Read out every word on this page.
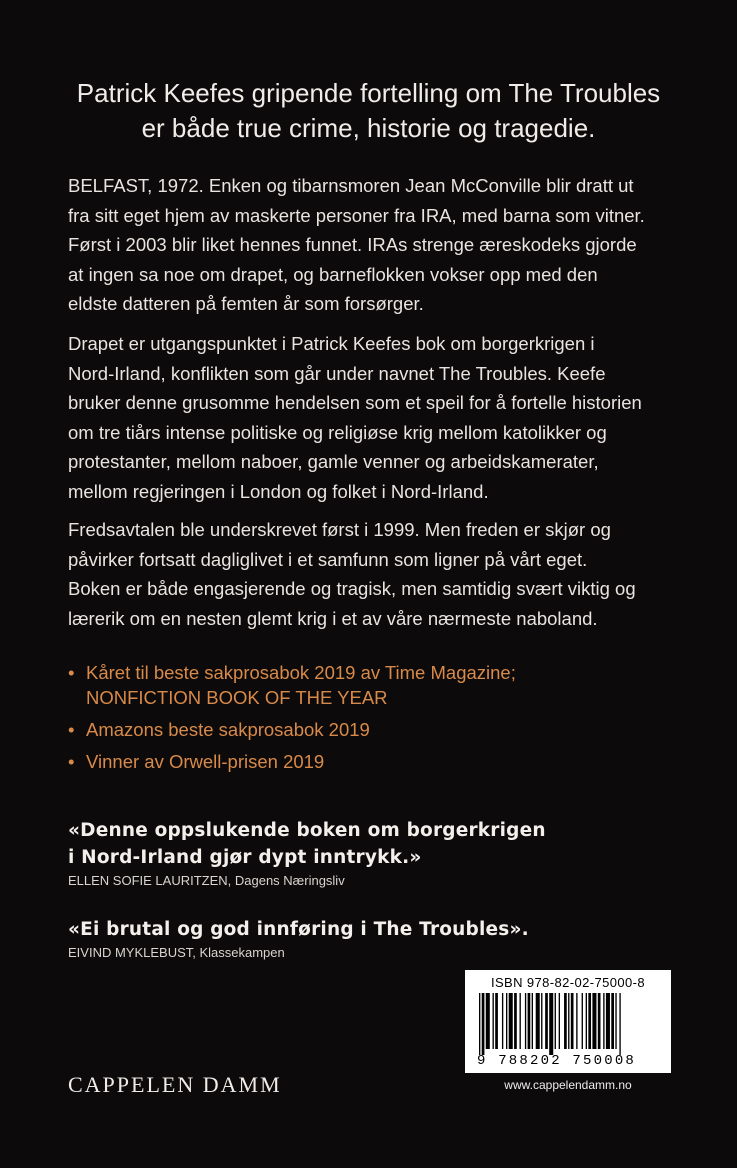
Patrick Keefes gripende fortelling om The Troubles
er både true crime, historie og tragedie.

BELFAST, 1972. Enken og tibarnsmoren Jean McConville blir dratt ut
fra sitt eget hjem av maskerte personer fra IRA, med barna som vitner.
Først i 2003 blir liket hennes funnet. IRAs strenge æreskodeks gjorde
at ingen sa noe om drapet, og barneflokken vokser opp med den
eldste datteren på femten år som forsørger.

Drapet er utgangspunktet i Patrick Keefes bok om borgerkrigen i
Nord-Irland, konflikten som går under navnet The Troubles. Keefe
bruker denne grusomme hendelsen som et speil for å fortelle historien
om tre tiårs intense politiske og religiøse krig mellom katolikker og
protestanter, mellom naboer, gamle venner og arbeidskamerater,
mellom regjeringen i London og folket i Nord-Irland.

Fredsavtalen ble underskrevet først i 1999. Men freden er skjør og
påvirker fortsatt dagliglivet i et samfunn som ligner på vårt eget.
Boken er både engasjerende og tragisk, men samtidig svært viktig og
lærerik om en nesten glemt krig i et av våre nærmeste naboland.

• Kåret til beste sakprosabok 2019 av Time Magazine;
NONFICTION BOOK OF THE YEAR
• Amazons beste sakprosabok 2019
• Vinner av Orwell-prisen 2019
«Denne oppslukende boken om borgerkrigen
i Nord-Irland gjør dypt inntrykk.»
ELLEN SOFIE LAURITZEN, Dagens Næringsliv
«Ei brutal og god innføring i The Troubles».
EIVIND MYKLEBUST, Klassekampen
CAPPELEN DAMM
ISBN 978-82-02-75000-8
9 788202 750008
www.cappelendamm.no
